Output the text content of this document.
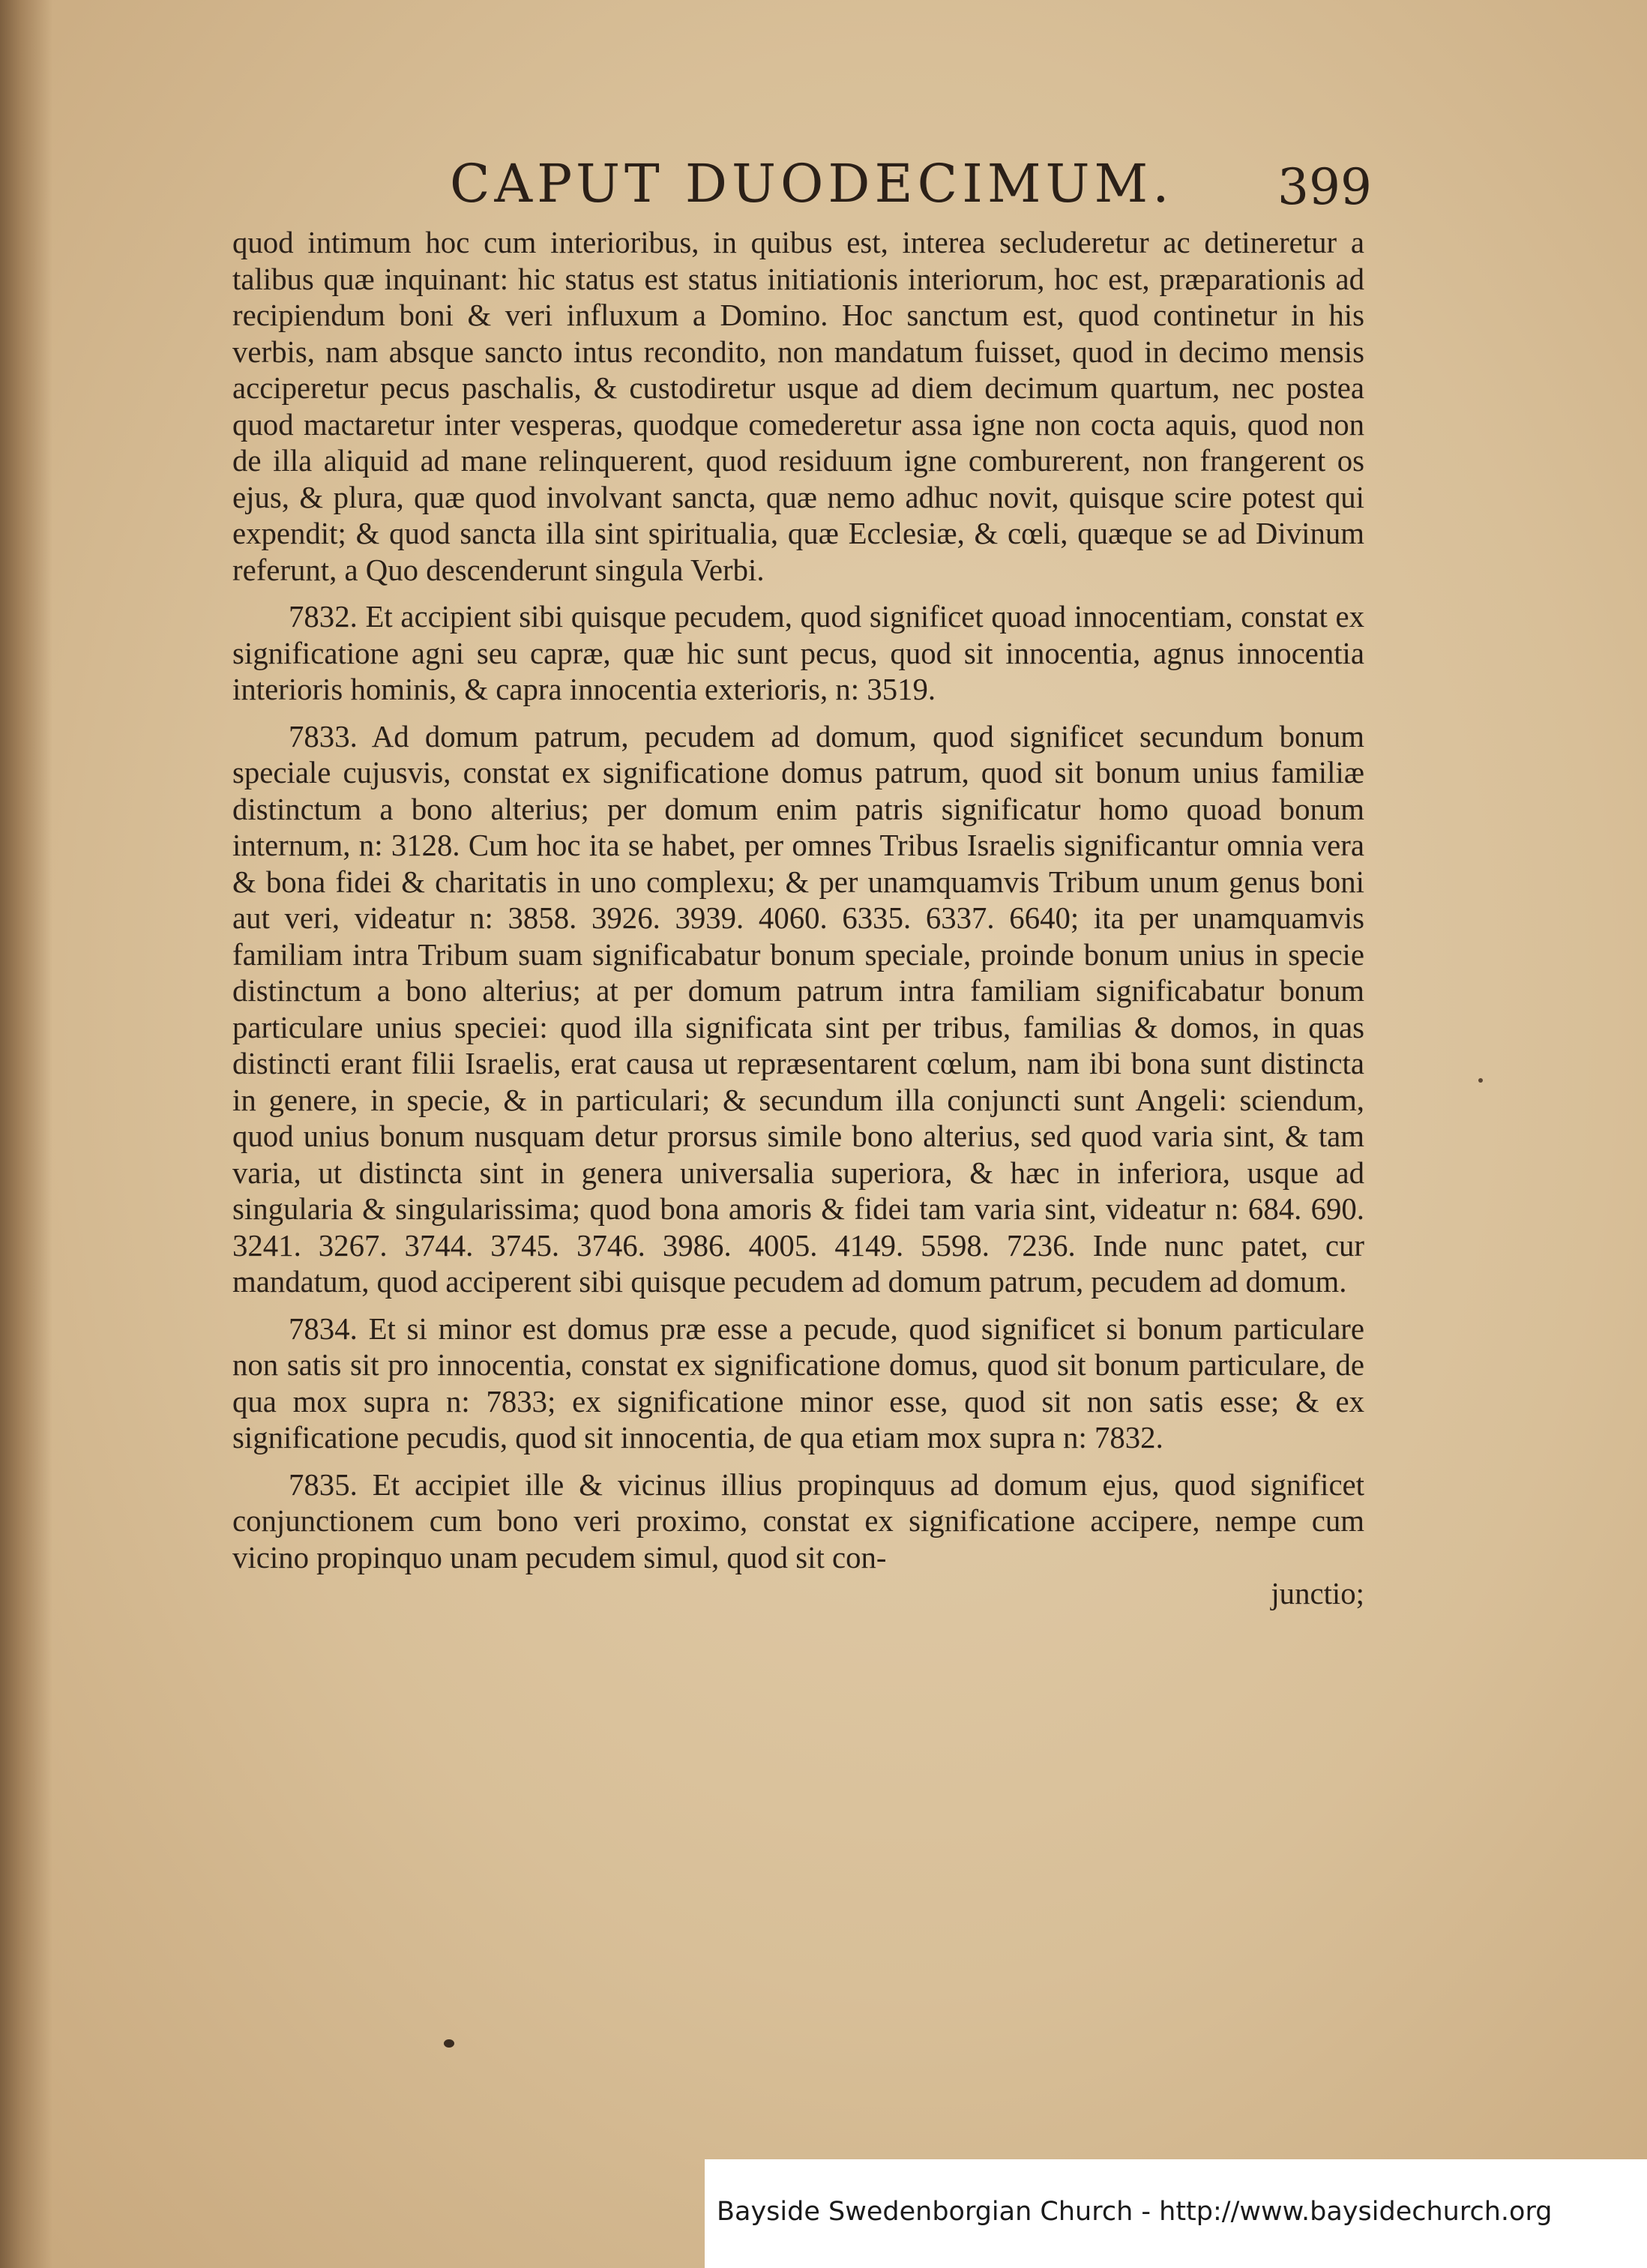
CAPUT DUODECIMUM.	399

quod intimum hoc cum interioribus, in quibus est, interea secluderetur ac detineretur a talibus quæ inquinant: hic status est status initiationis interiorum, hoc est, præparationis ad recipiendum boni & veri influxum a Domino. Hoc sanctum est, quod continetur in his verbis, nam absque sancto intus recondito, non mandatum fuisset, quod in decimo mensis acciperetur pecus paschalis, & custodiretur usque ad diem decimum quartum, nec postea quod mactaretur inter vesperas, quodque comederetur assa igne non cocta aquis, quod non de illa aliquid ad mane relinquerent, quod residuum igne comburerent, non frangerent os ejus, & plura, quæ quod involvant sancta, quæ nemo adhuc novit, quisque scire potest qui expendit; & quod sancta illa sint spiritualia, quæ Ecclesiæ, & cœli, quæque se ad Divinum referunt, a Quo descenderunt singula Verbi.

7832. Et accipient sibi quisque pecudem, quod significet quoad innocentiam, constat ex significatione agni seu capræ, quæ hic sunt pecus, quod sit innocentia, agnus innocentia interioris hominis, & capra innocentia exterioris, n: 3519.

7833. Ad domum patrum, pecudem ad domum, quod significet secundum bonum speciale cujusvis, constat ex significatione domus patrum, quod sit bonum unius familiæ distinctum a bono alterius; per domum enim patris significatur homo quoad bonum internum, n: 3128. Cum hoc ita se habet, per omnes Tribus Israelis significantur omnia vera & bona fidei & charitatis in uno complexu; & per unamquamvis Tribum unum genus boni aut veri, videatur n: 3858. 3926. 3939. 4060. 6335. 6337. 6640; ita per unamquamvis familiam intra Tribum suam significabatur bonum speciale, proinde bonum unius in specie distinctum a bono alterius; at per domum patrum intra familiam significabatur bonum particulare unius speciei: quod illa significata sint per tribus, familias & domos, in quas distincti erant filii Israelis, erat causa ut repræsentarent cœlum, nam ibi bona sunt distincta in genere, in specie, & in particulari; & secundum illa conjuncti sunt Angeli: sciendum, quod unius bonum nusquam detur prorsus simile bono alterius, sed quod varia sint, & tam varia, ut distincta sint in genera universalia superiora, & hæc in inferiora, usque ad singularia & singularissima; quod bona amoris & fidei tam varia sint, videatur n: 684. 690. 3241. 3267. 3744. 3745. 3746. 3986. 4005. 4149. 5598. 7236. Inde nunc patet, cur mandatum, quod acciperent sibi quisque pecudem ad domum patrum, pecudem ad domum.

7834. Et si minor est domus præ esse a pecude, quod significet si bonum particulare non satis sit pro innocentia, constat ex significatione domus, quod sit bonum particulare, de qua mox supra n: 7833; ex significatione minor esse, quod sit non satis esse; & ex significatione pecudis, quod sit innocentia, de qua etiam mox supra n: 7832.

7835. Et accipiet ille & vicinus illius propinquus ad domum ejus, quod significet conjunctionem cum bono veri proximo, constat ex significatione accipere, nempe cum vicino propinquo unam pecudem simul, quod sit con-

junctio;

Bayside Swedenborgian Church - http://www.baysidechurch.org
